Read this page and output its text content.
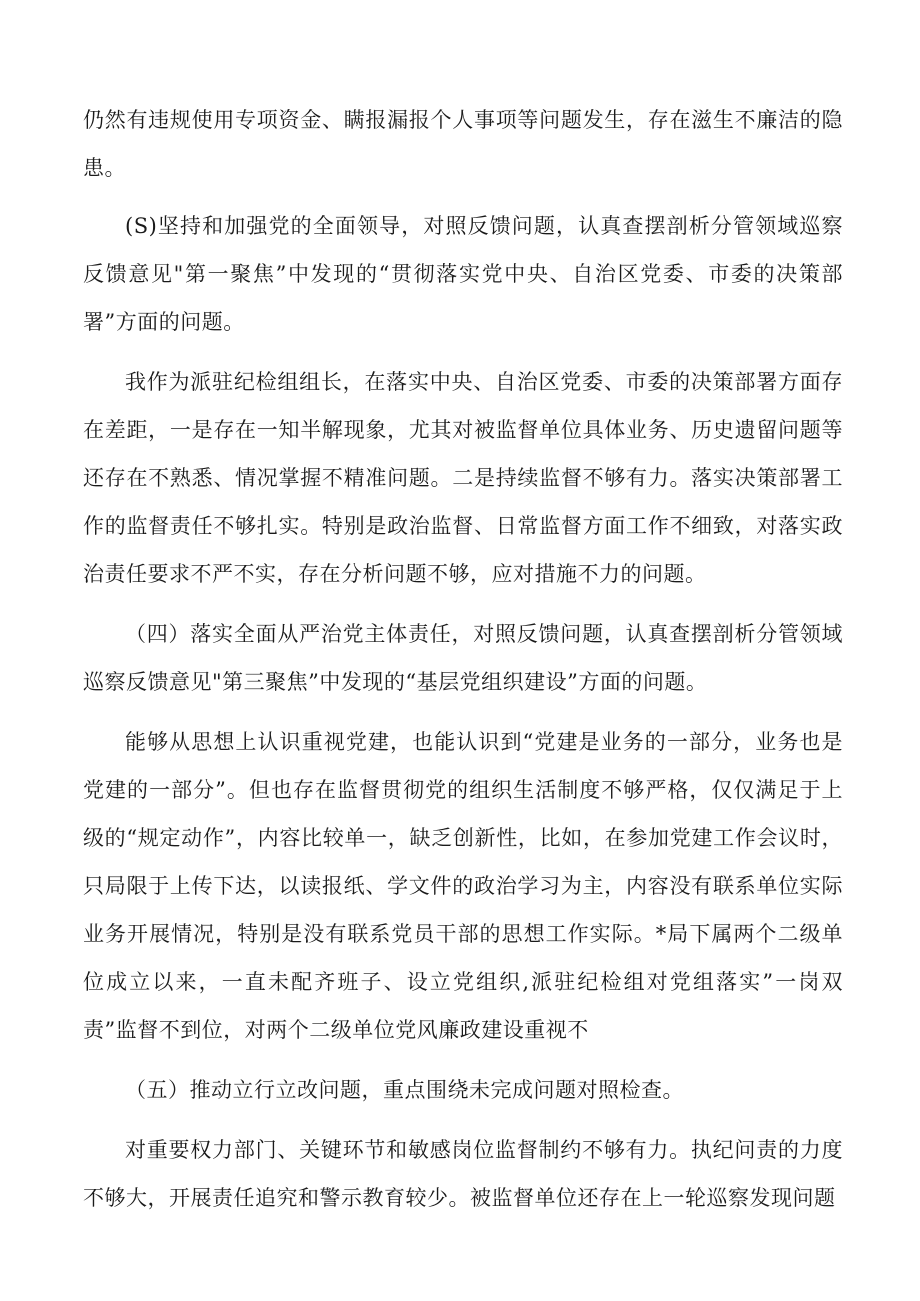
仍然有违规使用专项资金、瞒报漏报个人事项等问题发生，存在滋生不廉洁的隐患。

(S)坚持和加强党的全面领导，对照反馈问题，认真查摆剖析分管领域巡察反馈意见"第一聚焦”中发现的“贯彻落实党中央、自治区党委、市委的决策部署”方面的问题。

我作为派驻纪检组组长，在落实中央、自治区党委、市委的决策部署方面存在差距，一是存在一知半解现象，尤其对被监督单位具体业务、历史遗留问题等还存在不熟悉、情况掌握不精准问题。二是持续监督不够有力。落实决策部署工作的监督责任不够扎实。特别是政治监督、日常监督方面工作不细致，对落实政治责任要求不严不实，存在分析问题不够，应对措施不力的问题。

（四）落实全面从严治党主体责任，对照反馈问题，认真查摆剖析分管领域巡察反馈意见"第三聚焦”中发现的“基层党组织建设”方面的问题。

能够从思想上认识重视党建，也能认识到“党建是业务的一部分，业务也是党建的一部分”。但也存在监督贯彻党的组织生活制度不够严格，仅仅满足于上级的“规定动作”，内容比较单一，缺乏创新性，比如，在参加党建工作会议时，只局限于上传下达，以读报纸、学文件的政治学习为主，内容没有联系单位实际业务开展情况，特别是没有联系党员干部的思想工作实际。*局下属两个二级单位成立以来，一直未配齐班子、设立党组织,派驻纪检组对党组落实”一岗双责”监督不到位，对两个二级单位党风廉政建设重视不

（五）推动立行立改问题，重点围绕未完成问题对照检查。

对重要权力部门、关键环节和敏感岗位监督制约不够有力。执纪问责的力度不够大，开展责任追究和警示教育较少。被监督单位还存在上一轮巡察发现问题
